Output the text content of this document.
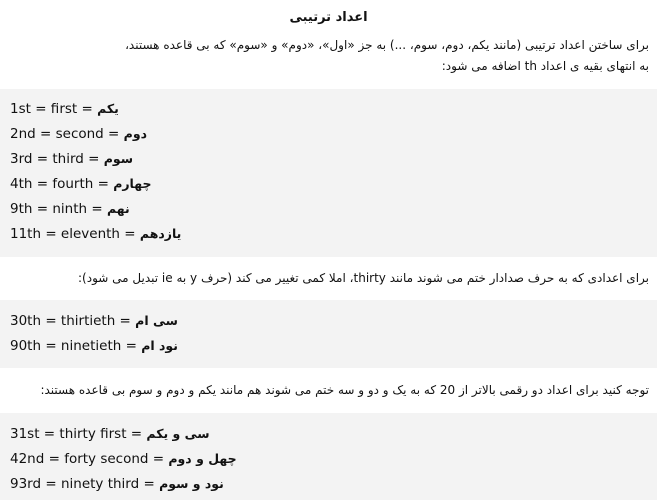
اعداد ترتیبی
برای ساختن اعداد ترتیبی (مانند یکم، دوم، سوم، ...) به جز «اول»، «دوم» و «سوم» که بی قاعده هستند،
به انتهای بقیه ی اعداد th اضافه می شود:
1st = first = یکم
2nd = second = دوم
3rd = third = سوم
4th = fourth = چهارم
9th = ninth = نهم
11th = eleventh = یازدهم
برای اعدادی که به حرف صدادار ختم می شوند مانند thirty، املا کمی تغییر می کند (حرف y به ie تبدیل می شود):
30th = thirtieth = سی ام
90th = ninetieth = نود ام
توجه کنید برای اعداد دو رقمی بالاتر از 20 که به یک و دو و سه ختم می شوند هم مانند یکم و دوم و سوم بی قاعده هستند:
31st = thirty first = سی و یکم
42nd = forty second = چهل و دوم
93rd = ninety third = نود و سوم
